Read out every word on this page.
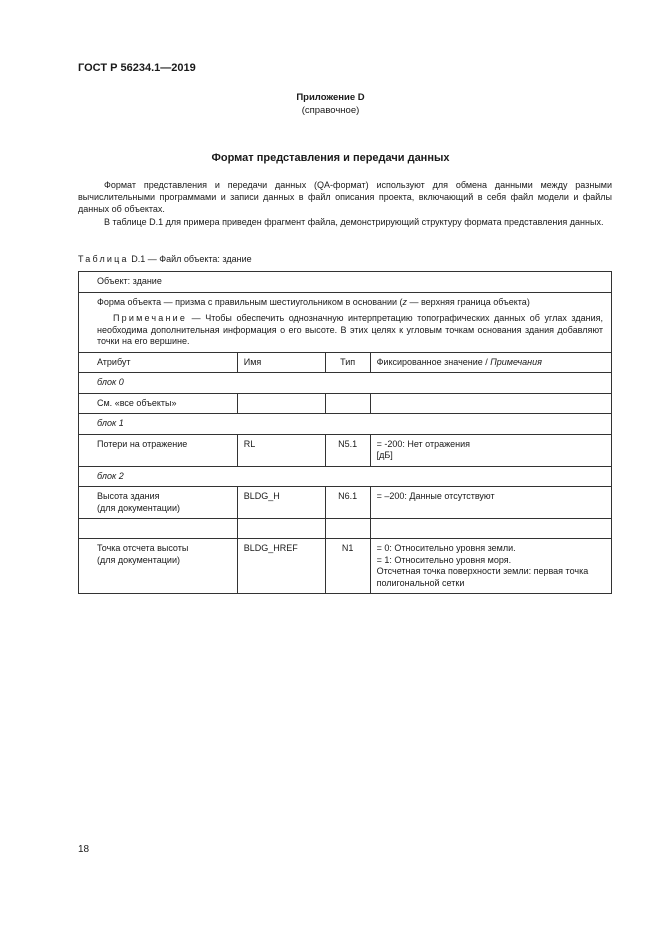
ГОСТ Р 56234.1—2019
Приложение D
(справочное)
Формат представления и передачи данных

Формат представления и передачи данных (QA-формат) используют для обмена данными между разными вычислительными программами и записи данных в файл описания проекта, включающий в себя файл модели и файлы данных об объектах.

В таблице D.1 для примера приведен фрагмент файла, демонстрирующий структуру формата представления данных.

Таблица D.1 — Файл объекта: здание
Объект: здание			

Форма объекта — призма с правильным шестиугольником в основании (z — верхняя граница объекта)
Примечание — Чтобы обеспечить однозначную интерпретацию топографических данных об углах здания, необходима дополнительная информация о его высоте. В этих целях к угловым точкам основания здания добавляют точки на его вершине.			

Атрибут	Имя	Тип	Фиксированное значение / Примечания
блок 0			
См. «все объекты»			
блок 1			
Потери на отражение	RL	N5.1	= -200: Нет отражения
[дБ]

блок 2			

Высота здания
(для документации)	BLDG_H	N6.1	= –200: Данные отсутствуют

Точка отсчета высоты
(для документации)	BLDG_HREF	N1	= 0: Относительно уровня земли.
= 1: Относительно уровня моря.
Отсчетная точка поверхности земли: первая точка полигональной сетки
18
